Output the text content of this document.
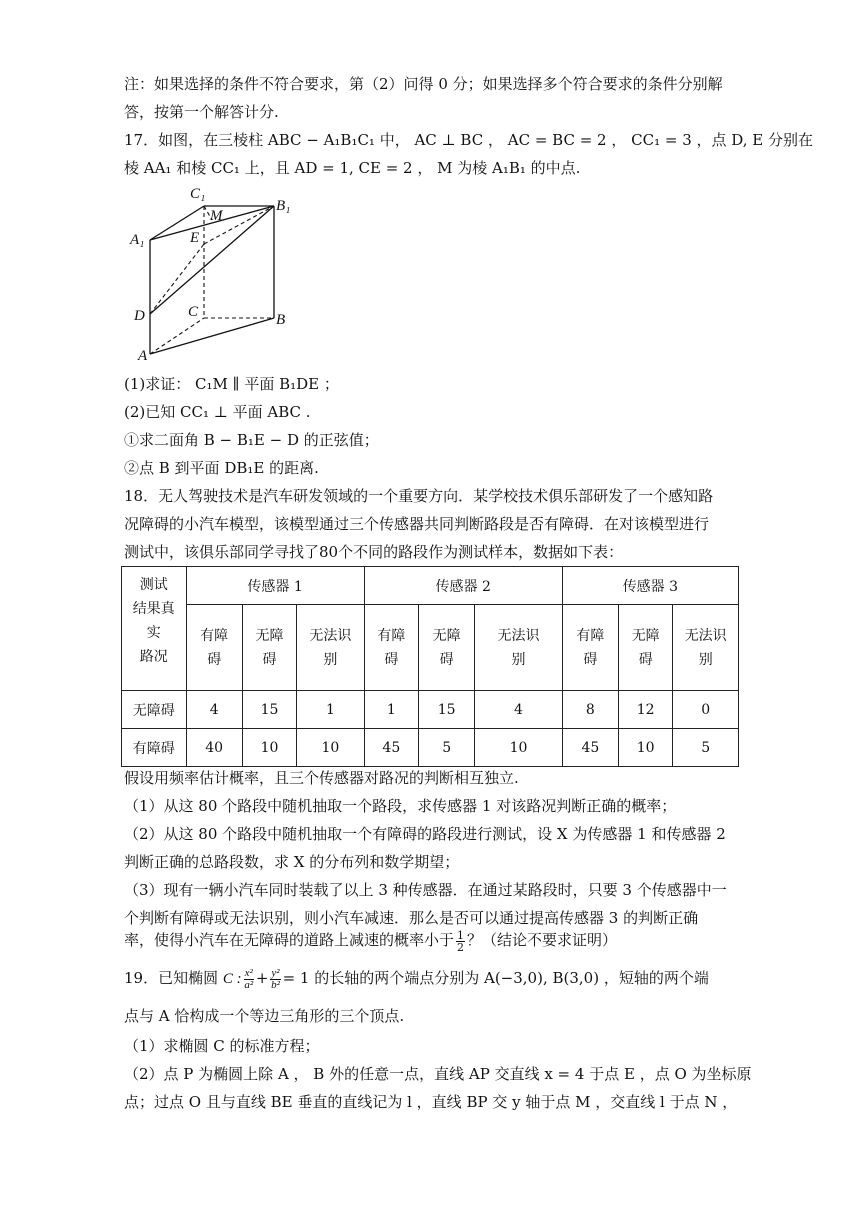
注：如果选择的条件不符合要求，第（2）问得 0 分；如果选择多个符合要求的条件分别解
答，按第一个解答计分.
17．如图，在三棱柱 ABC − A₁B₁C₁ 中， AC ⊥ BC ， AC = BC = 2 ， CC₁ = 3 ，点 D, E 分别在
棱 AA₁ 和棱 CC₁ 上，且 AD = 1, CE = 2 ， M 为棱 A₁B₁ 的中点.
C₁
M
B₁
A₁	E
D	C	B
A
(1)求证： C₁M ∥ 平面 B₁DE ；
(2)已知 CC₁ ⊥ 平面 ABC .
①求二面角 B − B₁E − D 的正弦值；
②点 B 到平面 DB₁E 的距离.
18．无人驾驶技术是汽车研发领域的一个重要方向．某学校技术俱乐部研发了一个感知路
况障碍的小汽车模型，该模型通过三个传感器共同判断路段是否有障碍．在对该模型进行
测试中，该俱乐部同学寻找了80个不同的路段作为测试样本，数据如下表：
测试
结果真
实
路况	传感器 1			传感器 2			传感器 3		
	有障碍	无障碍	无法识别	有障碍	无障碍	无法识别	有障碍	无障碍	无法识别
无障碍	4	15	1	1	15	4	8	12	0
有障碍	40	10	10	45	5	10	45	10	5
假设用频率估计概率，且三个传感器对路况的判断相互独立.
（1）从这 80 个路段中随机抽取一个路段，求传感器 1 对该路况判断正确的概率；
（2）从这 80 个路段中随机抽取一个有障碍的路段进行测试，设 X 为传感器 1 和传感器 2
判断正确的总路段数，求 X 的分布列和数学期望；
（3）现有一辆小汽车同时装载了以上 3 种传感器．在通过某路段时，只要 3 个传感器中一
个判断有障碍或无法识别，则小汽车减速．那么是否可以通过提高传感器 3 的判断正确
率，使得小汽车在无障碍的道路上减速的概率小于 $\frac{1}{2}$ ？（结论不要求证明）
19．已知椭圆 C : $\frac{\text{x²}}{\text{a²}} + \frac{\text{y²}}{\text{b²}} = 1$ 的长轴的两个端点分别为 A(−3,0), B(3,0) ，短轴的两个端
点与 A 恰构成一个等边三角形的三个顶点.
（1）求椭圆 C 的标准方程；
（2）点 P 为椭圆上除 A ， B 外的任意一点，直线 AP 交直线 x = 4 于点 E ，点 O 为坐标原
点；过点 O 且与直线 BE 垂直的直线记为 l ，直线 BP 交 y 轴于点 M ，交直线 l 于点 N ，
